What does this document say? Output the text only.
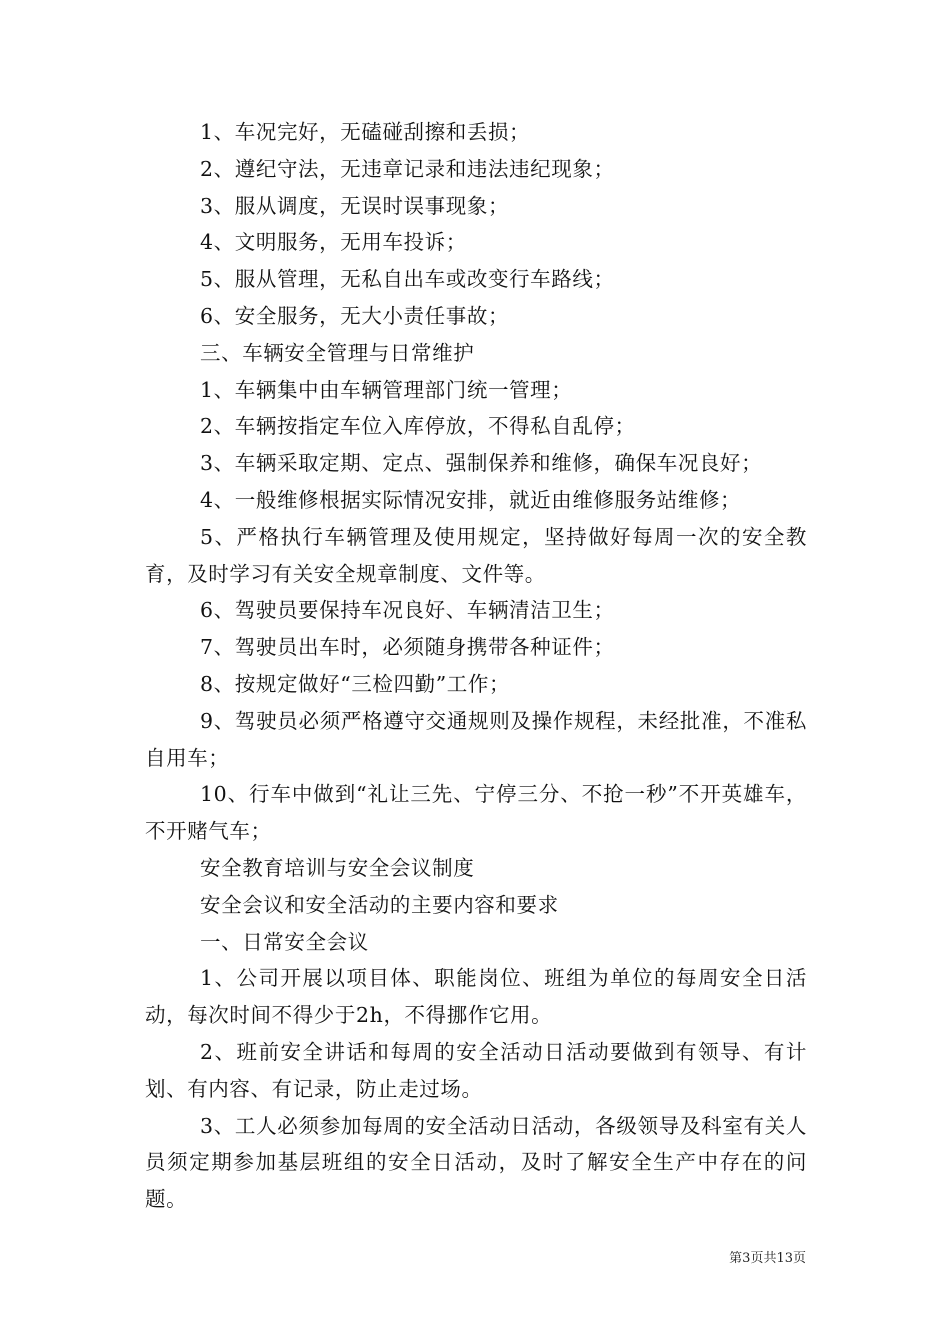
1、车况完好，无磕碰刮擦和丢损；

2、遵纪守法，无违章记录和违法违纪现象；

3、服从调度，无误时误事现象；

4、文明服务，无用车投诉；

5、服从管理，无私自出车或改变行车路线；

6、安全服务，无大小责任事故；

三、车辆安全管理与日常维护

1、车辆集中由车辆管理部门统一管理；

2、车辆按指定车位入库停放，不得私自乱停；

3、车辆采取定期、定点、强制保养和维修，确保车况良好；

4、一般维修根据实际情况安排，就近由维修服务站维修；

5、严格执行车辆管理及使用规定，坚持做好每周一次的安全教育，及时学习有关安全规章制度、文件等。

6、驾驶员要保持车况良好、车辆清洁卫生；

7、驾驶员出车时，必须随身携带各种证件；

8、按规定做好“三检四勤”工作；

9、驾驶员必须严格遵守交通规则及操作规程，未经批准，不准私自用车；

10、行车中做到“礼让三先、宁停三分、不抢一秒”不开英雄车，不开赌气车；

安全教育培训与安全会议制度

安全会议和安全活动的主要内容和要求

一、日常安全会议

1、公司开展以项目体、职能岗位、班组为单位的每周安全日活动，每次时间不得少于2h，不得挪作它用。

2、班前安全讲话和每周的安全活动日活动要做到有领导、有计划、有内容、有记录，防止走过场。

3、工人必须参加每周的安全活动日活动，各级领导及科室有关人员须定期参加基层班组的安全日活动，及时了解安全生产中存在的问题。

第3页共13页
